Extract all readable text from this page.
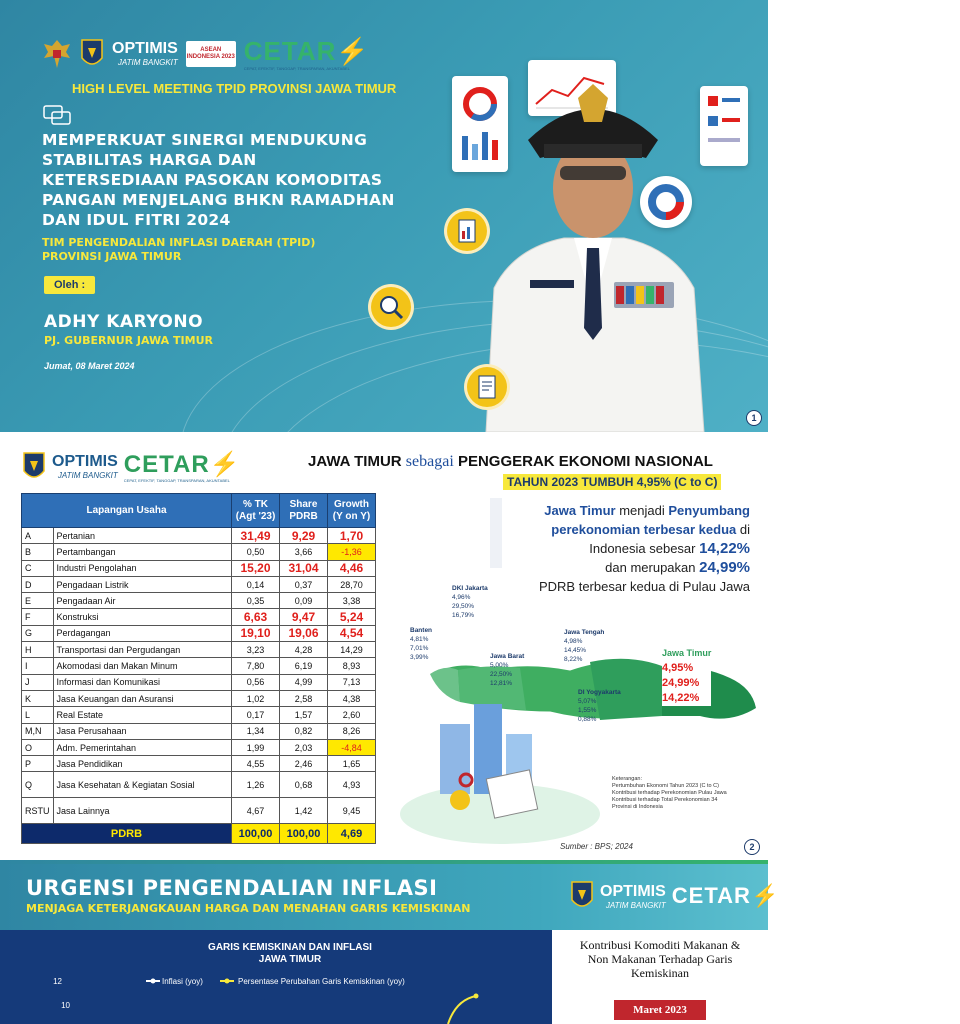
OPTIMIS
JATIM BANGKIT
ASEAN
INDONESIA 2023 CETAR⚡
CEPAT, EFEKTIF, TANGGAP, TRANSPARAN, AKUNTABEL
HIGH LEVEL MEETING TPID PROVINSI JAWA TIMUR
MEMPERKUAT SINERGI MENDUKUNG
STABILITAS HARGA DAN
KETERSEDIAAN PASOKAN KOMODITAS
PANGAN MENJELANG BHKN RAMADHAN
DAN IDUL FITRI 2024
TIM PENGENDALIAN INFLASI DAERAH (TPID)
PROVINSI JAWA TIMUR
Oleh :
ADHY KARYONO
PJ. GUBERNUR JAWA TIMUR
Jumat, 08 Maret 2024
1
OPTIMIS
JATIM BANGKIT CETAR⚡
CEPAT, EFEKTIF, TANGGAP, TRANSPARAN, AKUNTABEL
JAWA TIMUR sebagai PENGGERAK EKONOMI NASIONAL
TAHUN 2023 TUMBUH 4,95% (C to C)
Lapangan Usaha		% TK (Agt '23)	Share PDRB	Growth (Y on Y)
A	Pertanian	31,49	9,29	1,70
B	Pertambangan	0,50	3,66	-1,36
C	Industri Pengolahan	15,20	31,04	4,46
D	Pengadaan Listrik	0,14	0,37	28,70
E	Pengadaan Air	0,35	0,09	3,38
F	Konstruksi	6,63	9,47	5,24
G	Perdagangan	19,10	19,06	4,54
H	Transportasi dan Pergudangan	3,23	4,28	14,29
I	Akomodasi dan Makan Minum	7,80	6,19	8,93
J	Informasi dan Komunikasi	0,56	4,99	7,13
K	Jasa Keuangan dan Asuransi	1,02	2,58	4,38
L	Real Estate	0,17	1,57	2,60
M,N	Jasa Perusahaan	1,34	0,82	8,26
O	Adm. Pemerintahan	1,99	2,03	-4,84
P	Jasa Pendidikan	4,55	2,46	1,65
Q	Jasa Kesehatan & Kegiatan Sosial	1,26	0,68	4,93
RSTU	Jasa Lainnya	4,67	1,42	9,45
PDRB		100,00	100,00	4,69
Jawa Timur menjadi Penyumbang
perekonomian terbesar kedua di
Indonesia sebesar 14,22%
dan merupakan 24,99%
PDRB terbesar kedua di Pulau Jawa
DKI Jakarta
4,96%
29,50%
16,79%
Banten
4,81%
7,01%
3,99%	Jawa Barat
5,00%
22,50%
12,81%
Jawa Tengah
4,98%
14,45%
8,22%
DI Yogyakarta
5,07%
1,55%
0,88%
Jawa Timur
4,95%
24,99%
14,22%
Keterangan:
Pertumbuhan Ekonomi Tahun 2023 (C to C)
Kontribusi terhadap Perekonomian Pulau Jawa
Kontribusi terhadap Total Perekonomian 34
Provinsi di Indonesia
Sumber : BPS; 2024	2
URGENSI PENGENDALIAN INFLASI
MENJAGA KETERJANGKAUAN HARGA DAN MENAHAN GARIS KEMISKINAN
OPTIMIS
JATIM BANGKIT CETAR⚡
GARIS KEMISKINAN DAN INFLASI
JAWA TIMUR
12
10
Inflasi (yoy)	Persentase Perubahan Garis Kemiskinan (yoy)
Kontribusi Komoditi Makanan &
Non Makanan Terhadap Garis
Kemiskinan
Maret 2023
